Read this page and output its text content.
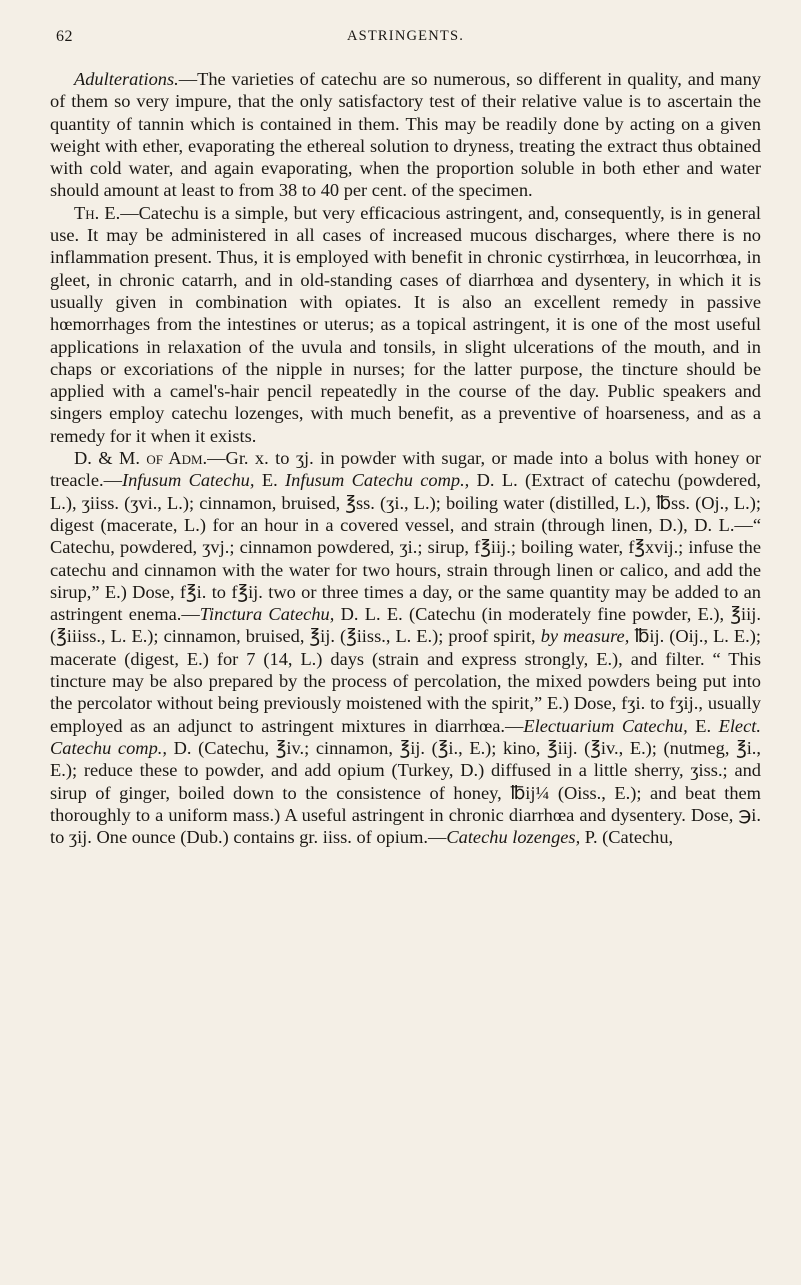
62	ASTRINGENTS.

Adulterations.—The varieties of catechu are so numerous, so different in quality, and many of them so very impure, that the only satisfactory test of their relative value is to ascertain the quantity of tannin which is contained in them. This may be readily done by acting on a given weight with ether, evaporating the ethereal solution to dryness, treating the extract thus obtained with cold water, and again evaporating, when the proportion soluble in both ether and water should amount at least to from 38 to 40 per cent. of the specimen.

Th. E.—Catechu is a simple, but very efficacious astringent, and, consequently, is in general use. It may be administered in all cases of increased mucous discharges, where there is no inflammation present. Thus, it is employed with benefit in chronic cystirrhœa, in leucorrhœa, in gleet, in chronic catarrh, and in old-standing cases of diarrhœa and dysentery, in which it is usually given in combination with opiates. It is also an excellent remedy in passive hœmorrhages from the intestines or uterus; as a topical astringent, it is one of the most useful applications in relaxation of the uvula and tonsils, in slight ulcerations of the mouth, and in chaps or excoriations of the nipple in nurses; for the latter purpose, the tincture should be applied with a camel's-hair pencil repeatedly in the course of the day. Public speakers and singers employ catechu lozenges, with much benefit, as a preventive of hoarseness, and as a remedy for it when it exists.

D. & M. of Adm.—Gr. x. to ʒj. in powder with sugar, or made into a bolus with honey or treacle.—Infusum Catechu, E. Infusum Catechu comp., D. L. (Extract of catechu (powdered, L.), ʒiiss. (ʒvi., L.); cinnamon, bruised, ℥ss. (ʒi., L.); boiling water (distilled, L.), ℔ss. (Oj., L.); digest (macerate, L.) for an hour in a covered vessel, and strain (through linen, D.), D. L.—“ Catechu, powdered, ʒvj.; cinnamon powdered, ʒi.; sirup, f℥iij.; boiling water, f℥xvij.; infuse the catechu and cinnamon with the water for two hours, strain through linen or calico, and add the sirup,” E.) Dose, f℥i. to f℥ij. two or three times a day, or the same quantity may be added to an astringent enema.—Tinctura Catechu, D. L. E. (Catechu (in moderately fine powder, E.), ℥iij. (℥iiiss., L. E.); cinnamon, bruised, ℥ij. (℥iiss., L. E.); proof spirit, by measure, ℔ij. (Oij., L. E.); macerate (digest, E.) for 7 (14, L.) days (strain and express strongly, E.), and filter. “ This tincture may be also prepared by the process of percolation, the mixed powders being put into the percolator without being previously moistened with the spirit,” E.) Dose, fʒi. to fʒij., usually employed as an adjunct to astringent mixtures in diarrhœa.—Electuarium Catechu, E. Elect. Catechu comp., D. (Catechu, ℥iv.; cinnamon, ℥ij. (℥i., E.); kino, ℥iij. (℥iv., E.); (nutmeg, ℥i., E.); reduce these to powder, and add opium (Turkey, D.) diffused in a little sherry, ʒiss.; and sirup of ginger, boiled down to the consistence of honey, ℔ij¼ (Oiss., E.); and beat them thoroughly to a uniform mass.) A useful astringent in chronic diarrhœa and dysentery. Dose, ℈i. to ʒij. One ounce (Dub.) contains gr. iiss. of opium.—Catechu lozenges, P. (Catechu,
